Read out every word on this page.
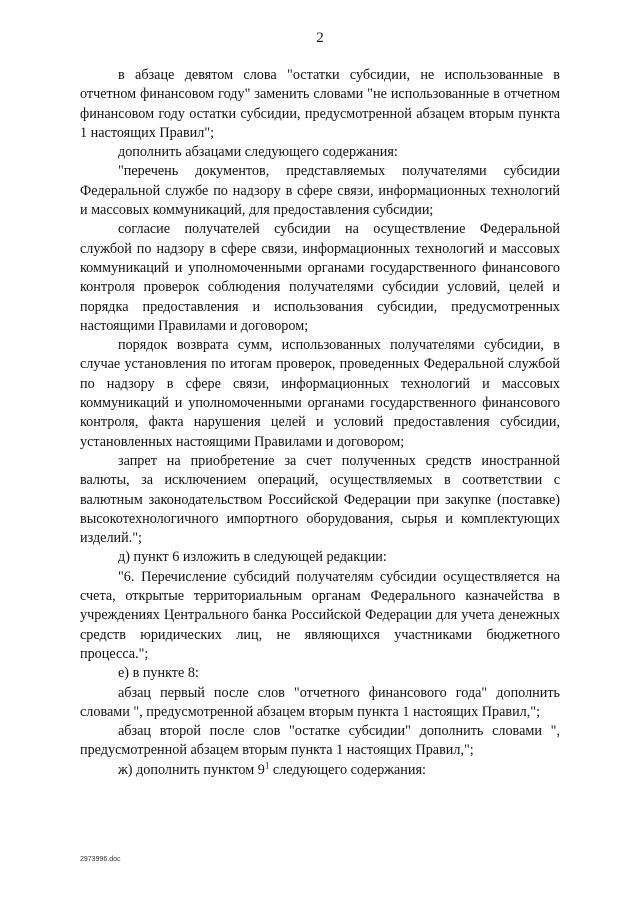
2

в абзаце девятом слова "остатки субсидии, не использованные в отчетном финансовом году" заменить словами "не использованные в отчетном финансовом году остатки субсидии, предусмотренной абзацем вторым пункта 1 настоящих Правил";

дополнить абзацами следующего содержания:

"перечень документов, представляемых получателями субсидии Федеральной службе по надзору в сфере связи, информационных технологий и массовых коммуникаций, для предоставления субсидии;

согласие получателей субсидии на осуществление Федеральной службой по надзору в сфере связи, информационных технологий и массовых коммуникаций и уполномоченными органами государственного финансового контроля проверок соблюдения получателями субсидии условий, целей и порядка предоставления и использования субсидии, предусмотренных настоящими Правилами и договором;

порядок возврата сумм, использованных получателями субсидии, в случае установления по итогам проверок, проведенных Федеральной службой по надзору в сфере связи, информационных технологий и массовых коммуникаций и уполномоченными органами государственного финансового контроля, факта нарушения целей и условий предоставления субсидии, установленных настоящими Правилами и договором;

запрет на приобретение за счет полученных средств иностранной валюты, за исключением операций, осуществляемых в соответствии с валютным законодательством Российской Федерации при закупке (поставке) высокотехнологичного импортного оборудования, сырья и комплектующих изделий.";

д) пункт 6 изложить в следующей редакции:

"6. Перечисление субсидий получателям субсидии осуществляется на счета, открытые территориальным органам Федерального казначейства в учреждениях Центрального банка Российской Федерации для учета денежных средств юридических лиц, не являющихся участниками бюджетного процесса.";

е) в пункте 8:

абзац первый после слов "отчетного финансового года" дополнить словами ", предусмотренной абзацем вторым пункта 1 настоящих Правил,";

абзац второй после слов "остатке субсидии" дополнить словами ", предусмотренной абзацем вторым пункта 1 настоящих Правил,";

ж) дополнить пунктом $9^1$ следующего содержания:

2973996.doc
